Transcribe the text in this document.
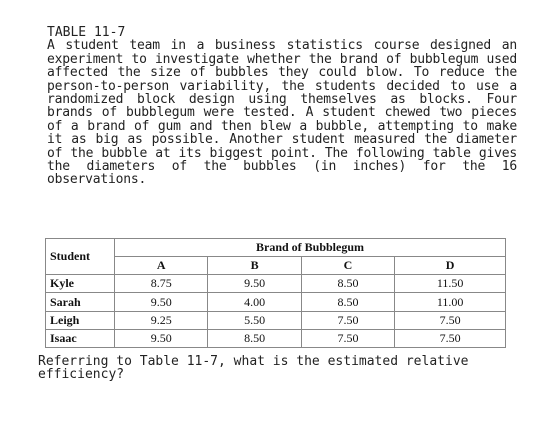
TABLE 11-7
A student team in a business statistics course designed an experiment to investigate whether the brand of bubblegum used affected the size of bubbles they could blow. To reduce the person-to-person variability, the students decided to use a randomized block design using themselves as blocks. Four brands of bubblegum were tested. A student chewed two pieces of a brand of gum and then blew a bubble, attempting to make it as big as possible. Another student measured the diameter of the bubble at its biggest point. The following table gives the diameters of the bubbles (in inches) for the 16 observations.
Student	Brand of Bubblegum			
	A	B	C	D
Kyle	8.75	9.50	8.50	11.50
Sarah	9.50	4.00	8.50	11.00
Leigh	9.25	5.50	7.50	7.50
Isaac	9.50	8.50	7.50	7.50
Referring to Table 11-7, what is the estimated relative efficiency?
